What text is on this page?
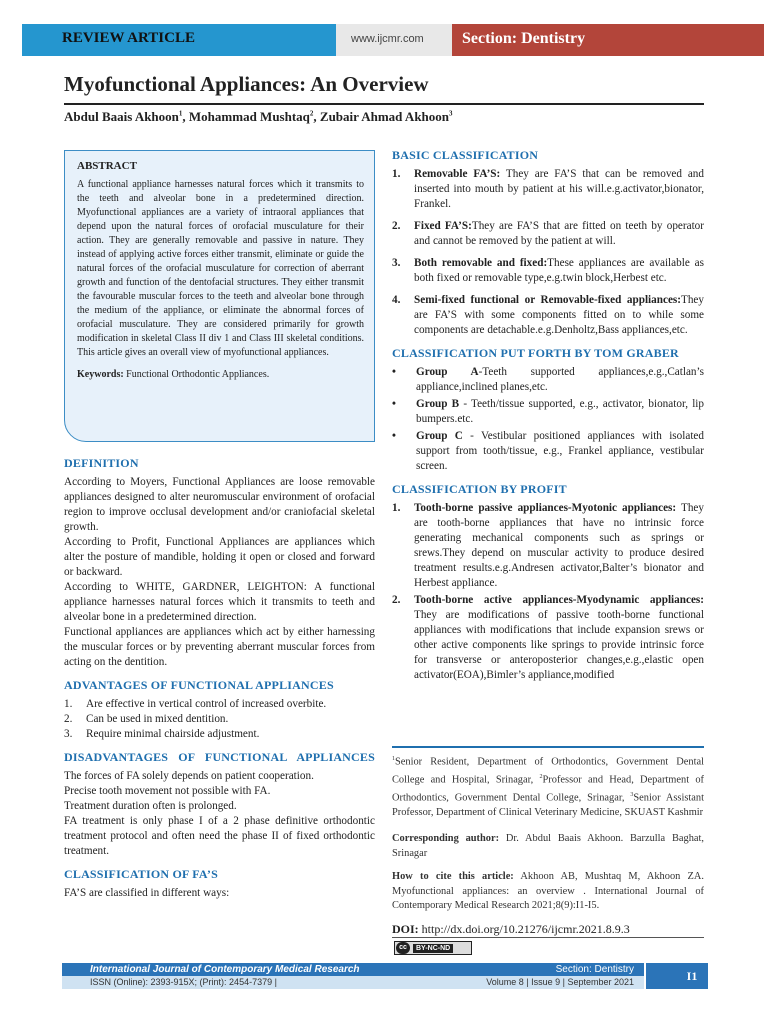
REVIEW ARTICLE	www.ijcmr.com	Section: Dentistry
Myofunctional Appliances: An Overview
Abdul Baais Akhoon$^1$, Mohammad Mushtaq$^2$, Zubair Ahmad Akhoon$^3$
ABSTRACT

A functional appliance harnesses natural forces which it transmits to the teeth and alveolar bone in a predetermined direction. Myofunctional appliances are a variety of intraoral appliances that depend upon the natural forces of orofacial musculature for their action. They are generally removable and passive in nature. They instead of applying active forces either transmit, eliminate or guide the natural forces of the orofacial musculature for correction of aberrant growth and function of the dentofacial structures. They either transmit the favourable muscular forces to the teeth and alveolar bone through the medium of the appliance, or eliminate the abnormal forces of orofacial musculature. They are considered primarily for growth modification in skeletal Class II div 1 and Class III skeletal conditions. This article gives an overall view of myofunctional appliances.

Keywords: Functional Orthodontic Appliances.

DEFINITION

According to Moyers, Functional Appliances are loose removable appliances designed to alter neuromuscular environment of orofacial region to improve occlusal development and/or craniofacial skeletal growth.

According to Profit, Functional Appliances are appliances which alter the posture of mandible, holding it open or closed and forward or backward.

According to WHITE, GARDNER, LEIGHTON: A functional appliance harnesses natural forces which it transmits to teeth and alveolar bone in a predetermined direction.

Functional appliances are appliances which act by either harnessing the muscular forces or by preventing aberrant muscular forces from acting on the dentition.

ADVANTAGES OF FUNCTIONAL APPLIANCES
1. Are effective in vertical control of increased overbite.
2. Can be used in mixed dentition.
3. Require minimal chairside adjustment.
DISADVANTAGES OF FUNCTIONAL APPLIANCES

The forces of FA solely depends on patient cooperation.

Precise tooth movement not possible with FA.

Treatment duration often is prolonged.

FA treatment is only phase I of a 2 phase definitive orthodontic treatment protocol and often need the phase II of fixed orthodontic treatment.

CLASSIFICATION OF FA’S

FA’S are classified in different ways:

BASIC CLASSIFICATION
1. Removable FA’S: They are FA’S that can be removed and inserted into mouth by patient at his will.e.g.activator,bionator, Frankel.
2. Fixed FA’S:They are FA’S that are fitted on teeth by operator and cannot be removed by the patient at will.
3. Both removable and fixed:These appliances are available as both fixed or removable type,e.g.twin block,Herbest etc.
4. Semi-fixed functional or Removable-fixed appliances:They are FA’S with some components fitted on to while some components are detachable.e.g.Denholtz,Bass appliances,etc.
CLASSIFICATION PUT FORTH BY TOM GRABER
• Group A-Teeth supported appliances,e.g.,Catlan’s appliance,inclined planes,etc.
• Group B - Teeth/tissue supported, e.g., activator, bionator, lip bumpers.etc.
• Group C - Vestibular positioned appliances with isolated support from tooth/tissue, e.g., Frankel appliance, vestibular screen.
CLASSIFICATION BY PROFIT
1. Tooth-borne passive appliances-Myotonic appliances: They are tooth-borne appliances that have no intrinsic force generating mechanical components such as springs or srews.They depend on muscular activity to produce desired treatment results.e.g.Andresen activator,Balter’s bionator and Herbest appliance.
2. Tooth-borne active appliances-Myodynamic appliances: They are modifications of passive tooth-borne functional appliances with modifications that include expansion srews or other active components like springs to provide intrinsic force for transverse or anteroposterior changes,e.g.,elastic open activator(EOA),Bimler’s appliance,modified
$^1$Senior Resident, Department of Orthodontics, Government Dental College and Hospital, Srinagar, $^2$Professor and Head, Department of Orthodontics, Government Dental College, Srinagar, $^3$Senior Assistant Professor, Department of Clinical Veterinary Medicine, SKUAST Kashmir
Corresponding author: Dr. Abdul Baais Akhoon. Barzulla Baghat, Srinagar
How to cite this article: Akhoon AB, Mushtaq M, Akhoon ZA. Myofunctional appliances: an overview . International Journal of Contemporary Medical Research 2021;8(9):I1-I5.
DOI: http://dx.doi.org/10.21276/ijcmr.2021.8.9.3
cc	BY-NC-ND
International Journal of Contemporary Medical Research	Section: Dentistry
ISSN (Online): 2393-915X; (Print): 2454-7379 |	Volume 8 | Issue 9 | September 2021	I1
